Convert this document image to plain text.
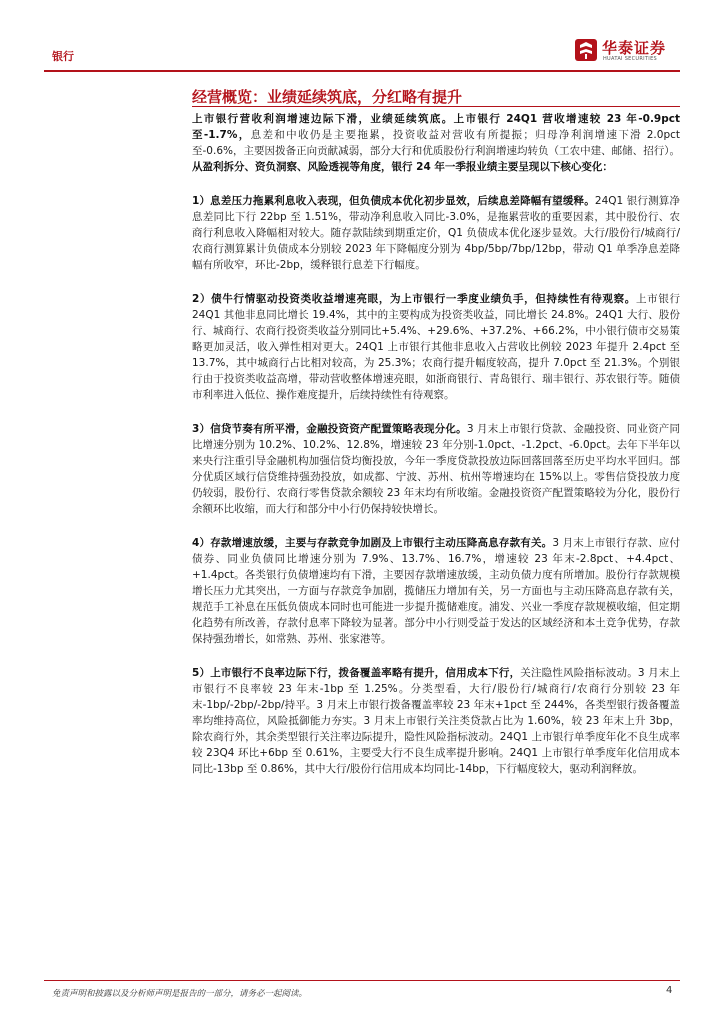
银行	华泰证券
HUATAI SECURITIES
经营概览：业绩延续筑底，分红略有提升

上市银行营收利润增速边际下滑，业绩延续筑底。上市银行 24Q1 营收增速较 23 年-0.9pct 至-1.7%，息差和中收仍是主要拖累，投资收益对营收有所提振；归母净利润增速下滑 2.0pct 至-0.6%，主要因拨备正向贡献减弱，部分大行和优质股份行利润增速均转负（工农中建、邮储、招行）。从盈利拆分、资负洞察、风险透视等角度，银行 24 年一季报业绩主要呈现以下核心变化：

1）息差压力拖累利息收入表现，但负债成本优化初步显效，后续息差降幅有望缓释。24Q1 银行测算净息差同比下行 22bp 至 1.51%，带动净利息收入同比-3.0%，是拖累营收的重要因素，其中股份行、农商行利息收入降幅相对较大。随存款陆续到期重定价，Q1 负债成本优化逐步显效。大行/股份行/城商行/农商行测算累计负债成本分别较 2023 年下降幅度分别为 4bp/5bp/7bp/12bp，带动 Q1 单季净息差降幅有所收窄，环比-2bp，缓释银行息差下行幅度。

2）债牛行情驱动投资类收益增速亮眼，为上市银行一季度业绩负手，但持续性有待观察。上市银行 24Q1 其他非息同比增长 19.4%，其中的主要构成为投资类收益，同比增长 24.8%。24Q1 大行、股份行、城商行、农商行投资类收益分别同比+5.4%、+29.6%、+37.2%、+66.2%，中小银行债市交易策略更加灵活，收入弹性相对更大。24Q1 上市银行其他非息收入占营收比例较 2023 年提升 2.4pct 至 13.7%，其中城商行占比相对较高，为 25.3%；农商行提升幅度较高，提升 7.0pct 至 21.3%。个别银行由于投资类收益高增，带动营收整体增速亮眼，如浙商银行、青岛银行、瑞丰银行、苏农银行等。随债市利率进入低位、操作难度提升，后续持续性有待观察。

3）信贷节奏有所平滑，金融投资资产配置策略表现分化。3 月末上市银行贷款、金融投资、同业资产同比增速分别为 10.2%、10.2%、12.8%，增速较 23 年分别-1.0pct、-1.2pct、-6.0pct。去年下半年以来央行注重引导金融机构加强信贷均衡投放，今年一季度贷款投放边际回落回落至历史平均水平回归。部分优质区域行信贷维持强劲投放，如成都、宁波、苏州、杭州等增速均在 15%以上。零售信贷投放力度仍较弱，股份行、农商行零售贷款余额较 23 年末均有所收缩。金融投资资产配置策略较为分化，股份行余额环比收缩，而大行和部分中小行仍保持较快增长。

4）存款增速放缓，主要与存款竞争加剧及上市银行主动压降高息存款有关。3 月末上市银行存款、应付债券、同业负债同比增速分别为 7.9%、13.7%、16.7%，增速较 23 年末-2.8pct、+4.4pct、+1.4pct。各类银行负债增速均有下滑，主要因存款增速放缓，主动负债力度有所增加。股份行存款规模增长压力尤其突出，一方面与存款竞争加剧，揽储压力增加有关，另一方面也与主动压降高息存款有关，规范手工补息在压低负债成本同时也可能进一步提升揽储难度。浦发、兴业一季度存款规模收缩，但定期化趋势有所改善，存款付息率下降较为显著。部分中小行则受益于发达的区域经济和本土竞争优势，存款保持强劲增长，如常熟、苏州、张家港等。

5）上市银行不良率边际下行，拨备覆盖率略有提升，信用成本下行，关注隐性风险指标波动。3 月末上市银行不良率较 23 年末-1bp 至 1.25%。分类型看，大行/股份行/城商行/农商行分别较 23 年末-1bp/-2bp/-2bp/持平。3 月末上市银行拨备覆盖率较 23 年末+1pct 至 244%，各类型银行拨备覆盖率均维持高位，风险抵御能力夯实。3 月末上市银行关注类贷款占比为 1.60%，较 23 年末上升 3bp，除农商行外，其余类型银行关注率边际提升，隐性风险指标波动。24Q1 上市银行单季度年化不良生成率较 23Q4 环比+6bp 至 0.61%，主要受大行不良生成率提升影响。24Q1 上市银行单季度年化信用成本同比-13bp 至 0.86%，其中大行/股份行信用成本均同比-14bp，下行幅度较大，驱动利润释放。

免责声明和披露以及分析师声明是报告的一部分，请务必一起阅读。	4
